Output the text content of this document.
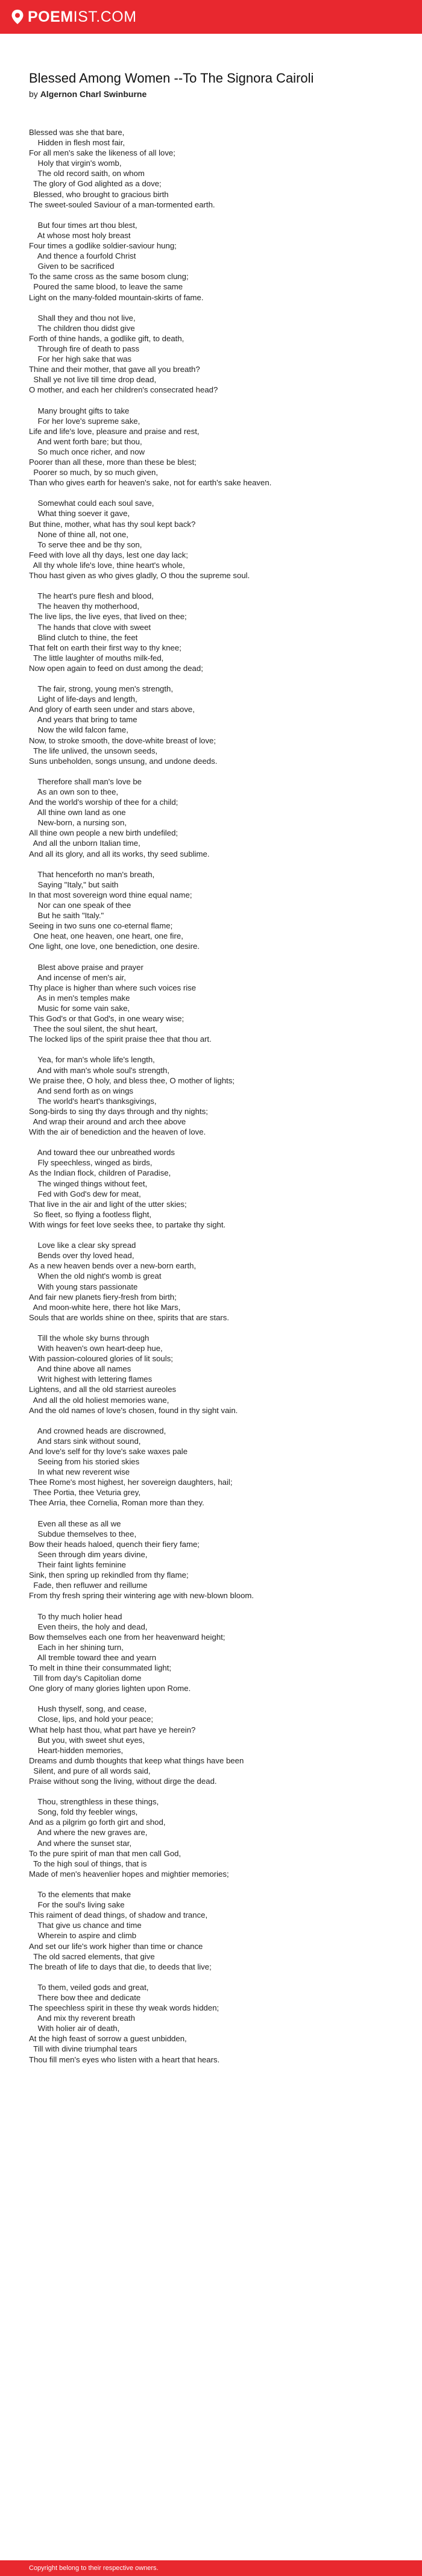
POEMIST.COM
Blessed Among Women --To The Signora Cairoli
by Algernon Charl Swinburne
Blessed was she that bare,
Hidden in flesh most fair,
For all men's sake the likeness of all love;
Holy that virgin's womb,
The old record saith, on whom
The glory of God alighted as a dove;
Blessed, who brought to gracious birth
The sweet-souled Saviour of a man-tormented earth.
But four times art thou blest,
At whose most holy breast
Four times a godlike soldier-saviour hung;
And thence a fourfold Christ
Given to be sacrificed
To the same cross as the same bosom clung;
Poured the same blood, to leave the same
Light on the many-folded mountain-skirts of fame.
Shall they and thou not live,
The children thou didst give
Forth of thine hands, a godlike gift, to death,
Through fire of death to pass
For her high sake that was
Thine and their mother, that gave all you breath?
Shall ye not live till time drop dead,
O mother, and each her children's consecrated head?
Many brought gifts to take
For her love's supreme sake,
Life and life's love, pleasure and praise and rest,
And went forth bare; but thou,
So much once richer, and now
Poorer than all these, more than these be blest;
Poorer so much, by so much given,
Than who gives earth for heaven's sake, not for earth's sake heaven.
Somewhat could each soul save,
What thing soever it gave,
But thine, mother, what has thy soul kept back?
None of thine all, not one,
To serve thee and be thy son,
Feed with love all thy days, lest one day lack;
All thy whole life's love, thine heart's whole,
Thou hast given as who gives gladly, O thou the supreme soul.
The heart's pure flesh and blood,
The heaven thy motherhood,
The live lips, the live eyes, that lived on thee;
The hands that clove with sweet
Blind clutch to thine, the feet
That felt on earth their first way to thy knee;
The little laughter of mouths milk-fed,
Now open again to feed on dust among the dead;
The fair, strong, young men's strength,
Light of life-days and length,
And glory of earth seen under and stars above,
And years that bring to tame
Now the wild falcon fame,
Now, to stroke smooth, the dove-white breast of love;
The life unlived, the unsown seeds,
Suns unbeholden, songs unsung, and undone deeds.
Therefore shall man's love be
As an own son to thee,
And the world's worship of thee for a child;
All thine own land as one
New-born, a nursing son,
All thine own people a new birth undefiled;
And all the unborn Italian time,
And all its glory, and all its works, thy seed sublime.
That henceforth no man's breath,
Saying "Italy," but saith
In that most sovereign word thine equal name;
Nor can one speak of thee
But he saith "Italy."
Seeing in two suns one co-eternal flame;
One heat, one heaven, one heart, one fire,
One light, one love, one benediction, one desire.
Blest above praise and prayer
And incense of men's air,
Thy place is higher than where such voices rise
As in men's temples make
Music for some vain sake,
This God's or that God's, in one weary wise;
Thee the soul silent, the shut heart,
The locked lips of the spirit praise thee that thou art.
Yea, for man's whole life's length,
And with man's whole soul's strength,
We praise thee, O holy, and bless thee, O mother of lights;
And send forth as on wings
The world's heart's thanksgivings,
Song-birds to sing thy days through and thy nights;
And wrap their around and arch thee above
With the air of benediction and the heaven of love.
And toward thee our unbreathed words
Fly speechless, winged as birds,
As the Indian flock, children of Paradise,
The winged things without feet,
Fed with God's dew for meat,
That live in the air and light of the utter skies;
So fleet, so flying a footless flight,
With wings for feet love seeks thee, to partake thy sight.
Love like a clear sky spread
Bends over thy loved head,
As a new heaven bends over a new-born earth,
When the old night's womb is great
With young stars passionate
And fair new planets fiery-fresh from birth;
And moon-white here, there hot like Mars,
Souls that are worlds shine on thee, spirits that are stars.
Till the whole sky burns through
With heaven's own heart-deep hue,
With passion-coloured glories of lit souls;
And thine above all names
Writ highest with lettering flames
Lightens, and all the old starriest aureoles
And all the old holiest memories wane,
And the old names of love's chosen, found in thy sight vain.
And crowned heads are discrowned,
And stars sink without sound,
And love's self for thy love's sake waxes pale
Seeing from his storied skies
In what new reverent wise
Thee Rome's most highest, her sovereign daughters, hail;
Thee Portia, thee Veturia grey,
Thee Arria, thee Cornelia, Roman more than they.
Even all these as all we
Subdue themselves to thee,
Bow their heads haloed, quench their fiery fame;
Seen through dim years divine,
Their faint lights feminine
Sink, then spring up rekindled from thy flame;
Fade, then refluwer and reillume
From thy fresh spring their wintering age with new-blown bloom.
To thy much holier head
Even theirs, the holy and dead,
Bow themselves each one from her heavenward height;
Each in her shining turn,
All tremble toward thee and yearn
To melt in thine their consummated light;
Till from day's Capitolian dome
One glory of many glories lighten upon Rome.
Hush thyself, song, and cease,
Close, lips, and hold your peace;
What help hast thou, what part have ye herein?
But you, with sweet shut eyes,
Heart-hidden memories,
Dreams and dumb thoughts that keep what things have been
Silent, and pure of all words said,
Praise without song the living, without dirge the dead.
Thou, strengthless in these things,
Song, fold thy feebler wings,
And as a pilgrim go forth girt and shod,
And where the new graves are,
And where the sunset star,
To the pure spirit of man that men call God,
To the high soul of things, that is
Made of men's heavenlier hopes and mightier memories;
To the elements that make
For the soul's living sake
This raiment of dead things, of shadow and trance,
That give us chance and time
Wherein to aspire and climb
And set our life's work higher than time or chance
The old sacred elements, that give
The breath of life to days that die, to deeds that live;
To them, veiled gods and great,
There bow thee and dedicate
The speechless spirit in these thy weak words hidden;
And mix thy reverent breath
With holier air of death,
At the high feast of sorrow a guest unbidden,
Till with divine triumphal tears
Thou fill men's eyes who listen with a heart that hears.
Copyright belong to their respective owners.
